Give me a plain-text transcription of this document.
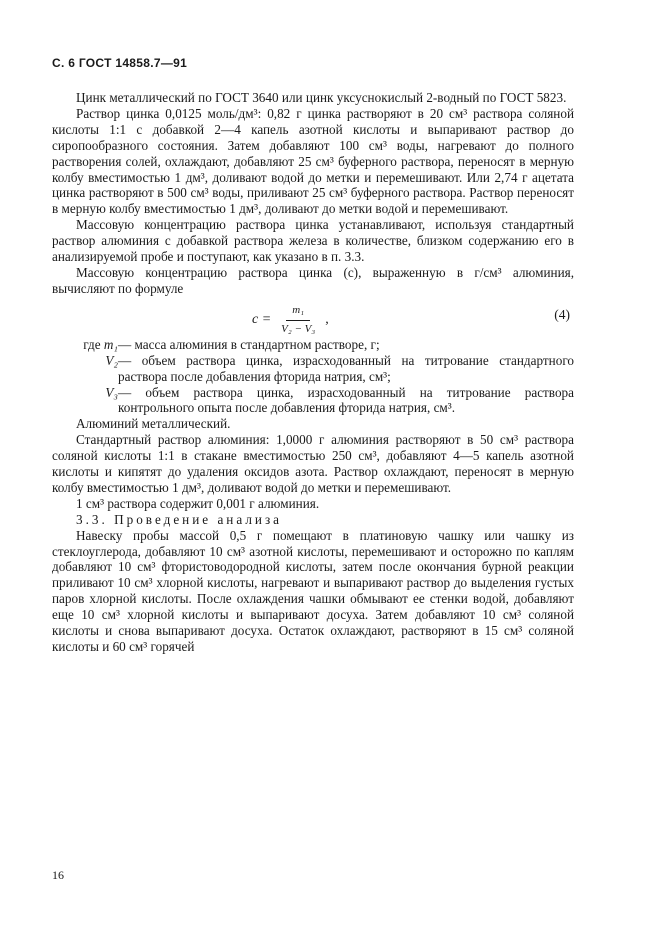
С. 6 ГОСТ 14858.7—91

Цинк металлический по ГОСТ 3640 или цинк уксуснокислый 2-водный по ГОСТ 5823.

Раствор цинка 0,0125 моль/дм³: 0,82 г цинка растворяют в 20 см³ раствора соляной кислоты 1:1 с добавкой 2—4 капель азотной кислоты и выпаривают раствор до сиропообразного состояния. Затем добавляют 100 см³ воды, нагревают до полного растворения солей, охлаждают, добавляют 25 см³ буферного раствора, переносят в мерную колбу вместимостью 1 дм³, доливают водой до метки и перемешивают. Или 2,74 г ацетата цинка растворяют в 500 см³ воды, приливают 25 см³ буферного раствора. Раствор переносят в мерную колбу вместимостью 1 дм³, доливают до метки водой и перемешивают.

Массовую концентрацию раствора цинка устанавливают, используя стандартный раствор алюминия с добавкой раствора железа в количестве, близком содержанию его в анализируемой пробе и поступают, как указано в п. 3.3.

Массовую концентрацию раствора цинка (c), выраженную в г/см³ алюминия, вычисляют по формуле

$c = \frac{\text{m₁}}{\text{V₂ − V₃}}$ ,	(4)
где m₁ — масса алюминия в стандартном растворе, г;
V₂ — объем раствора цинка, израсходованный на титрование стандартного раствора после добавления фторида натрия, см³;
V₃ — объем раствора цинка, израсходованный на титрование раствора контрольного опыта после добавления фторида натрия, см³.

Алюминий металлический.

Стандартный раствор алюминия: 1,0000 г алюминия растворяют в 50 см³ раствора соляной кислоты 1:1 в стакане вместимостью 250 см³, добавляют 4—5 капель азотной кислоты и кипятят до удаления оксидов азота. Раствор охлаждают, переносят в мерную колбу вместимостью 1 дм³, доливают водой до метки и перемешивают.

1 см³ раствора содержит 0,001 г алюминия.

3.3. Проведение анализа

Навеску пробы массой 0,5 г помещают в платиновую чашку или чашку из стеклоуглерода, добавляют 10 см³ азотной кислоты, перемешивают и осторожно по каплям добавляют 10 см³ фтористоводородной кислоты, затем после окончания бурной реакции приливают 10 см³ хлорной кислоты, нагревают и выпаривают раствор до выделения густых паров хлорной кислоты. После охлаждения чашки обмывают ее стенки водой, добавляют еще 10 см³ хлорной кислоты и выпаривают досуха. Затем добавляют 10 см³ соляной кислоты и снова выпаривают досуха. Остаток охлаждают, растворяют в 15 см³ соляной кислоты и 60 см³ горячей

16
